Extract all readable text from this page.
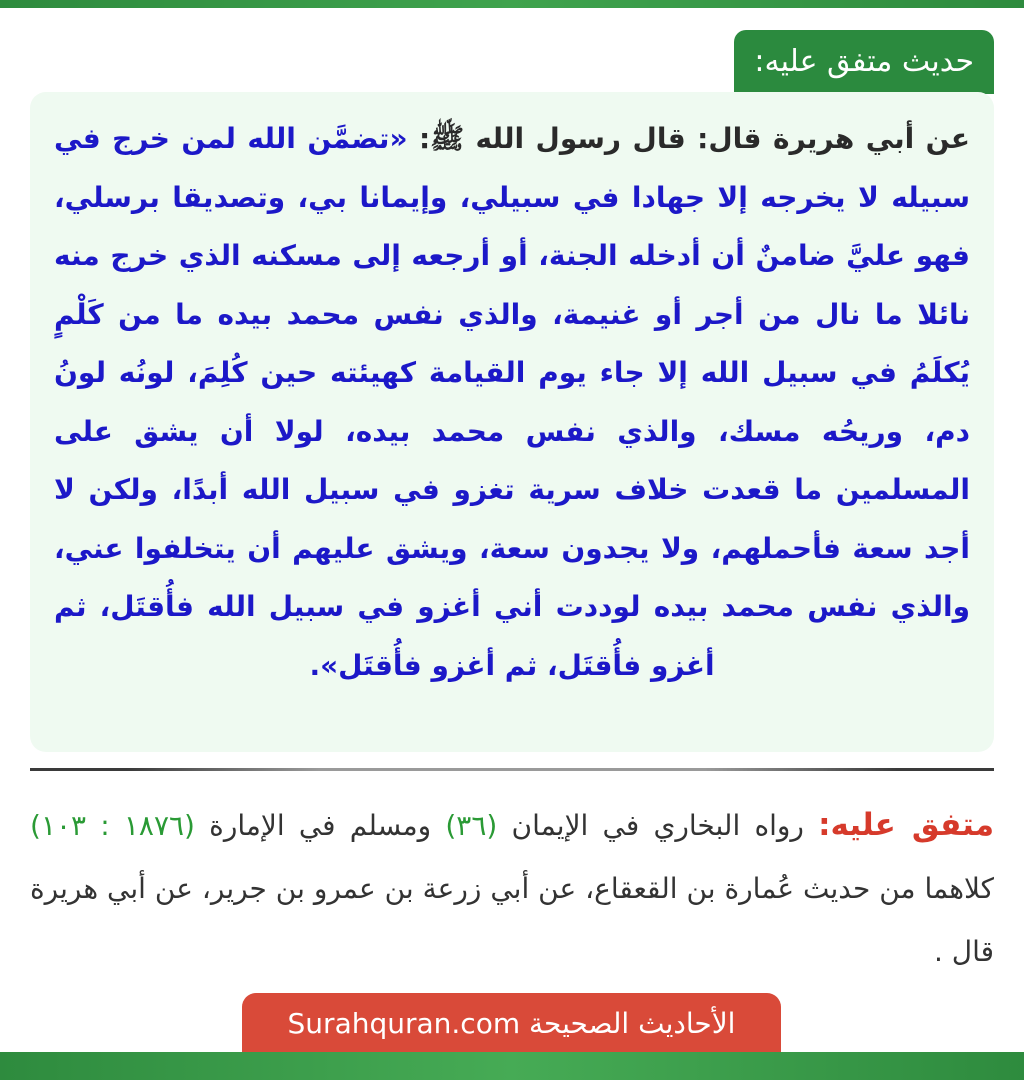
حديث متفق عليه:
عن أبي هريرة قال: قال رسول الله ﷺ: «تضمَّن الله لمن خرج في سبيله لا يخرجه إلا جهادا في سبيلي، وإيمانا بي، وتصديقا برسلي، فهو عليَّ ضامنٌ أن أدخله الجنة، أو أرجعه إلى مسكنه الذي خرج منه نائلا ما نال من أجر أو غنيمة، والذي نفس محمد بيده ما من كَلْمٍ يُكلَمُ في سبيل الله إلا جاء يوم القيامة كهيئته حين كُلِمَ، لونُه لونُ دم، وريحُه مسك، والذي نفس محمد بيده، لولا أن يشق على المسلمين ما قعدت خلاف سرية تغزو في سبيل الله أبدًا، ولكن لا أجد سعة فأحملهم، ولا يجدون سعة، ويشق عليهم أن يتخلفوا عني، والذي نفس محمد بيده لوددت أني أغزو في سبيل الله فأُقتَل، ثم أغزو فأُقتَل، ثم أغزو فأُقتَل».
متفق عليه: رواه البخاري في الإيمان (٣٦) ومسلم في الإمارة (١٨٧٦ : ١٠٣) كلاهما من حديث عُمارة بن القعقاع، عن أبي زرعة بن عمرو بن جرير، عن أبي هريرة قال .
الأحاديث الصحيحة Surahquran.com
